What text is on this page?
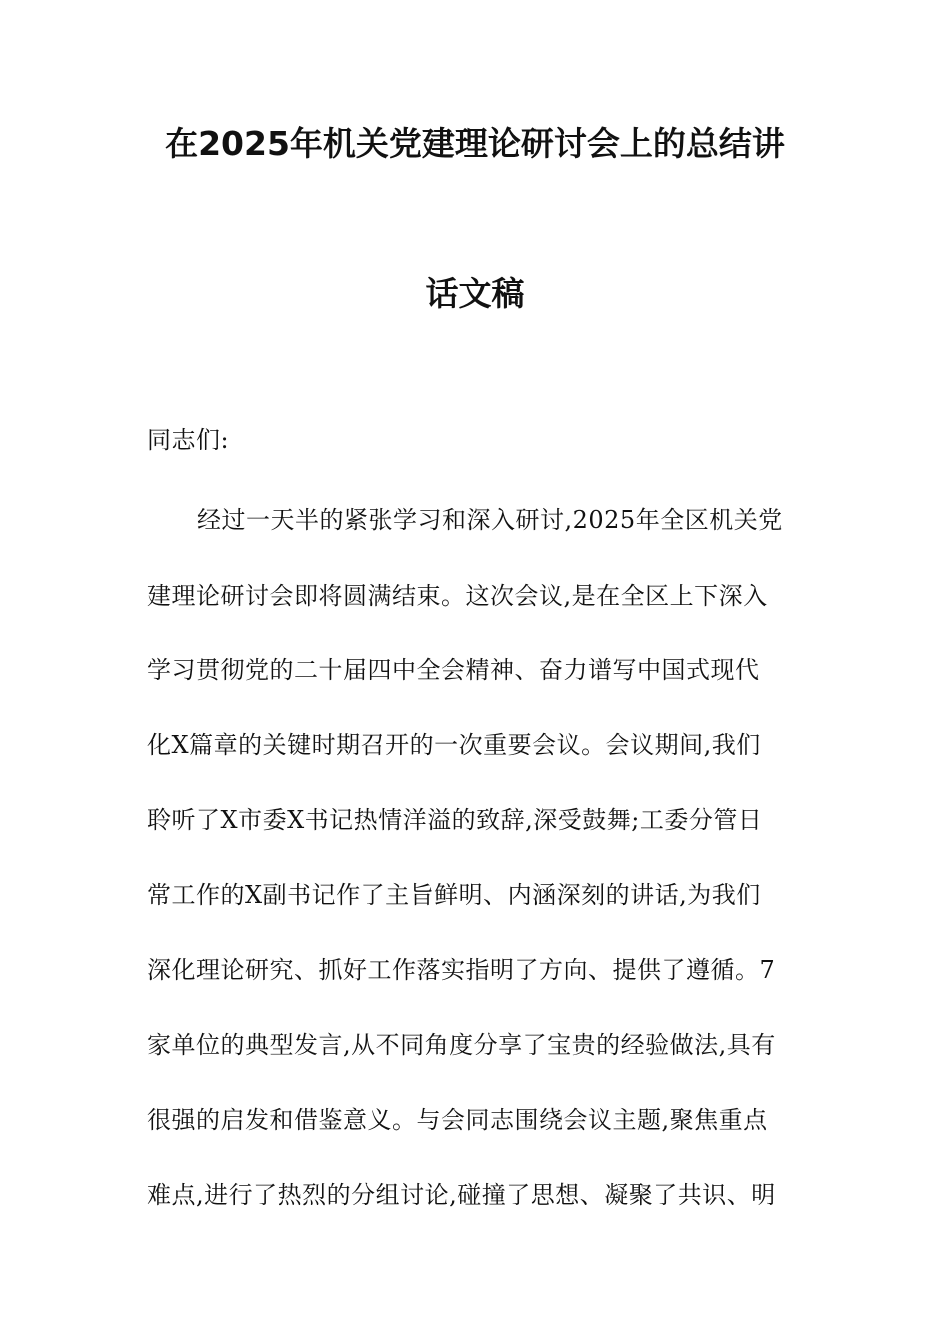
在2025年机关党建理论研讨会上的总结讲
话文稿
同志们:
经过一天半的紧张学习和深入研讨,2025年全区机关党
建理论研讨会即将圆满结束。这次会议,是在全区上下深入
学习贯彻党的二十届四中全会精神、奋力谱写中国式现代
化X篇章的关键时期召开的一次重要会议。会议期间,我们
聆听了X市委X书记热情洋溢的致辞,深受鼓舞;工委分管日
常工作的X副书记作了主旨鲜明、内涵深刻的讲话,为我们
深化理论研究、抓好工作落实指明了方向、提供了遵循。7
家单位的典型发言,从不同角度分享了宝贵的经验做法,具有
很强的启发和借鉴意义。与会同志围绕会议主题,聚焦重点
难点,进行了热烈的分组讨论,碰撞了思想、凝聚了共识、明
